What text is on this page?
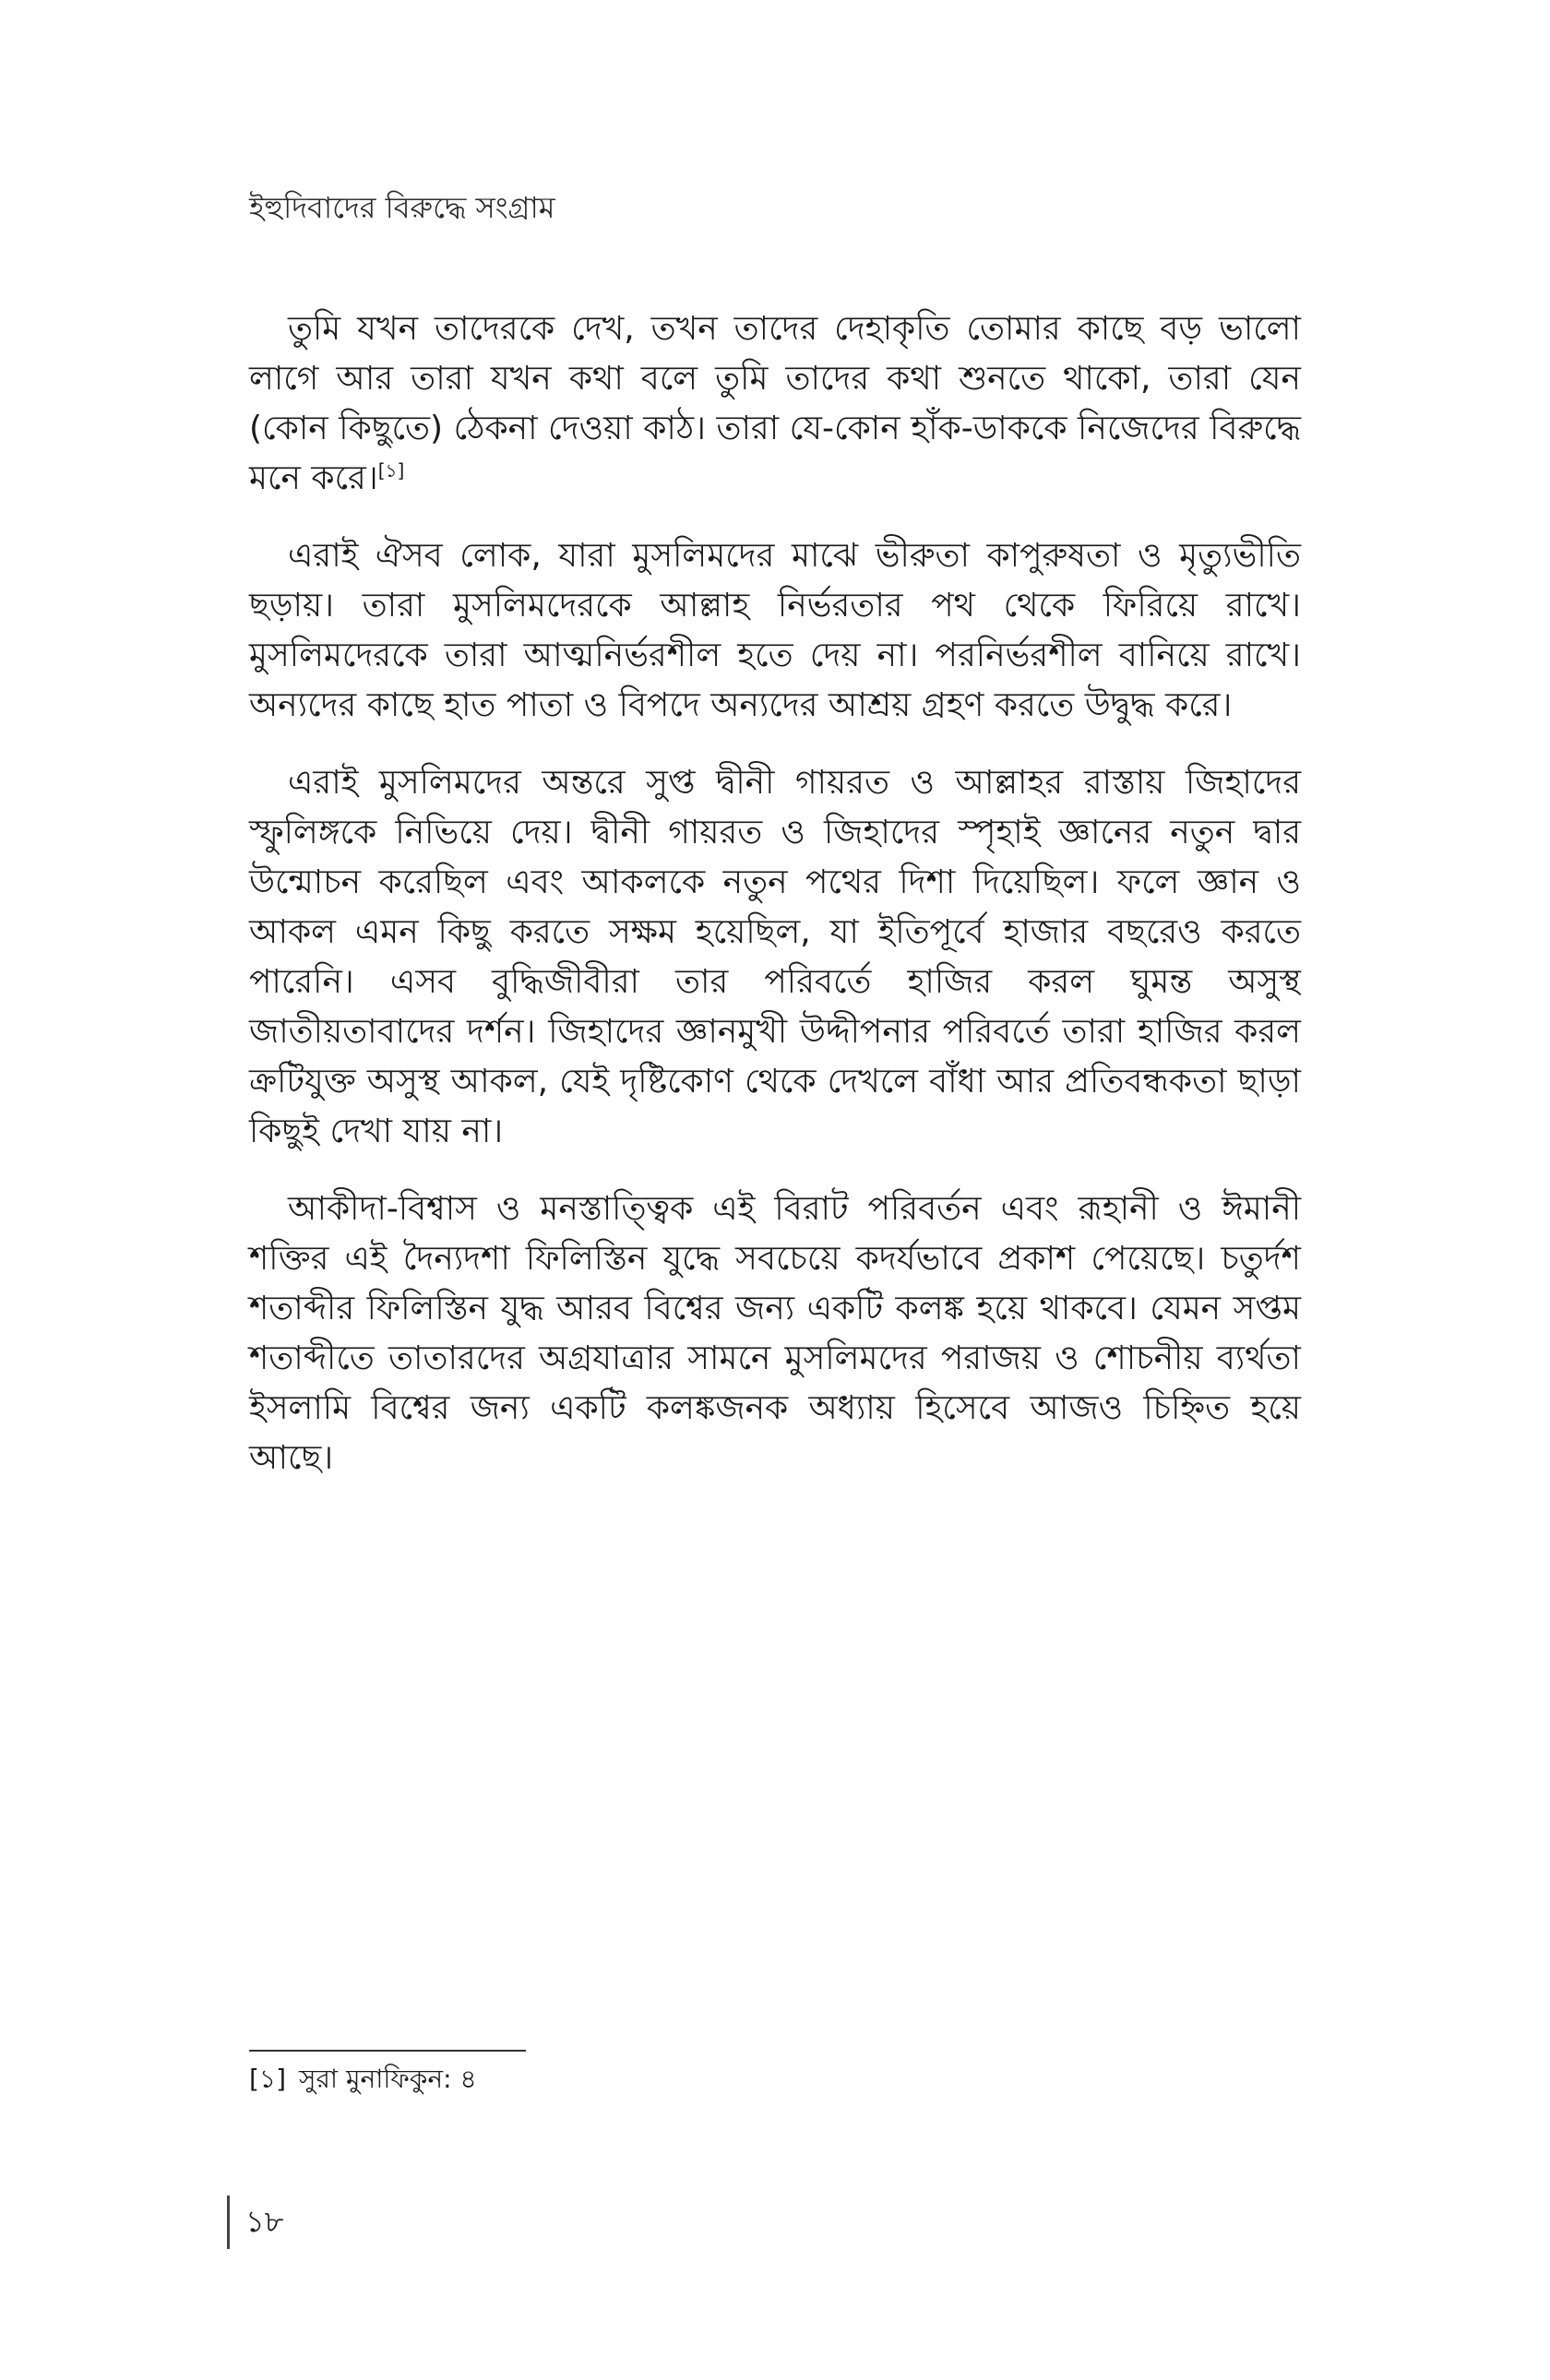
ইহুদিবাদের বিরুদ্ধে সংগ্রাম

তুমি যখন তাদেরকে দেখ, তখন তাদের দেহাকৃতি তোমার কাছে বড় ভালো লাগে আর তারা যখন কথা বলে তুমি তাদের কথা শুনতে থাকো, তারা যেন (কোন কিছুতে) ঠেকনা দেওয়া কাঠ। তারা যে-কোন হাঁক-ডাককে নিজেদের বিরুদ্ধে মনে করে।[১]

এরাই ঐসব লোক, যারা মুসলিমদের মাঝে ভীরুতা কাপুরুষতা ও মৃত্যুভীতি ছড়ায়। তারা মুসলিমদেরকে আল্লাহ নির্ভরতার পথ থেকে ফিরিয়ে রাখে। মুসলিমদেরকে তারা আত্মনির্ভরশীল হতে দেয় না। পরনির্ভরশীল বানিয়ে রাখে। অন্যদের কাছে হাত পাতা ও বিপদে অন্যদের আশ্রয় গ্রহণ করতে উদ্বুদ্ধ করে।

এরাই মুসলিমদের অন্তরে সুপ্ত দ্বীনী গায়রত ও আল্লাহর রাস্তায় জিহাদের স্ফুলিঙ্গকে নিভিয়ে দেয়। দ্বীনী গায়রত ও জিহাদের স্পৃহাই জ্ঞানের নতুন দ্বার উন্মোচন করেছিল এবং আকলকে নতুন পথের দিশা দিয়েছিল। ফলে জ্ঞান ও আকল এমন কিছু করতে সক্ষম হয়েছিল, যা ইতিপূর্বে হাজার বছরেও করতে পারেনি। এসব বুদ্ধিজীবীরা তার পরিবর্তে হাজির করল ঘুমন্ত অসুস্থ জাতীয়তাবাদের দর্শন। জিহাদের জ্ঞানমুখী উদ্দীপনার পরিবর্তে তারা হাজির করল ক্রটিযুক্ত অসুস্থ আকল, যেই দৃষ্টিকোণ থেকে দেখলে বাঁধা আর প্রতিবন্ধকতা ছাড়া কিছুই দেখা যায় না।

আকীদা-বিশ্বাস ও মনস্তাত্ত্বিক এই বিরাট পরিবর্তন এবং রূহানী ও ঈমানী শক্তির এই দৈন্যদশা ফিলিস্তিন যুদ্ধে সবচেয়ে কদর্যভাবে প্রকাশ পেয়েছে। চতুর্দশ শতাব্দীর ফিলিস্তিন যুদ্ধ আরব বিশ্বের জন্য একটি কলঙ্ক হয়ে থাকবে। যেমন সপ্তম শতাব্দীতে তাতারদের অগ্রযাত্রার সামনে মুসলিমদের পরাজয় ও শোচনীয় ব্যর্থতা ইসলামি বিশ্বের জন্য একটি কলঙ্কজনক অধ্যায় হিসেবে আজও চিহ্নিত হয়ে আছে।

[১] সুরা মুনাফিকুন: ৪
১৮
